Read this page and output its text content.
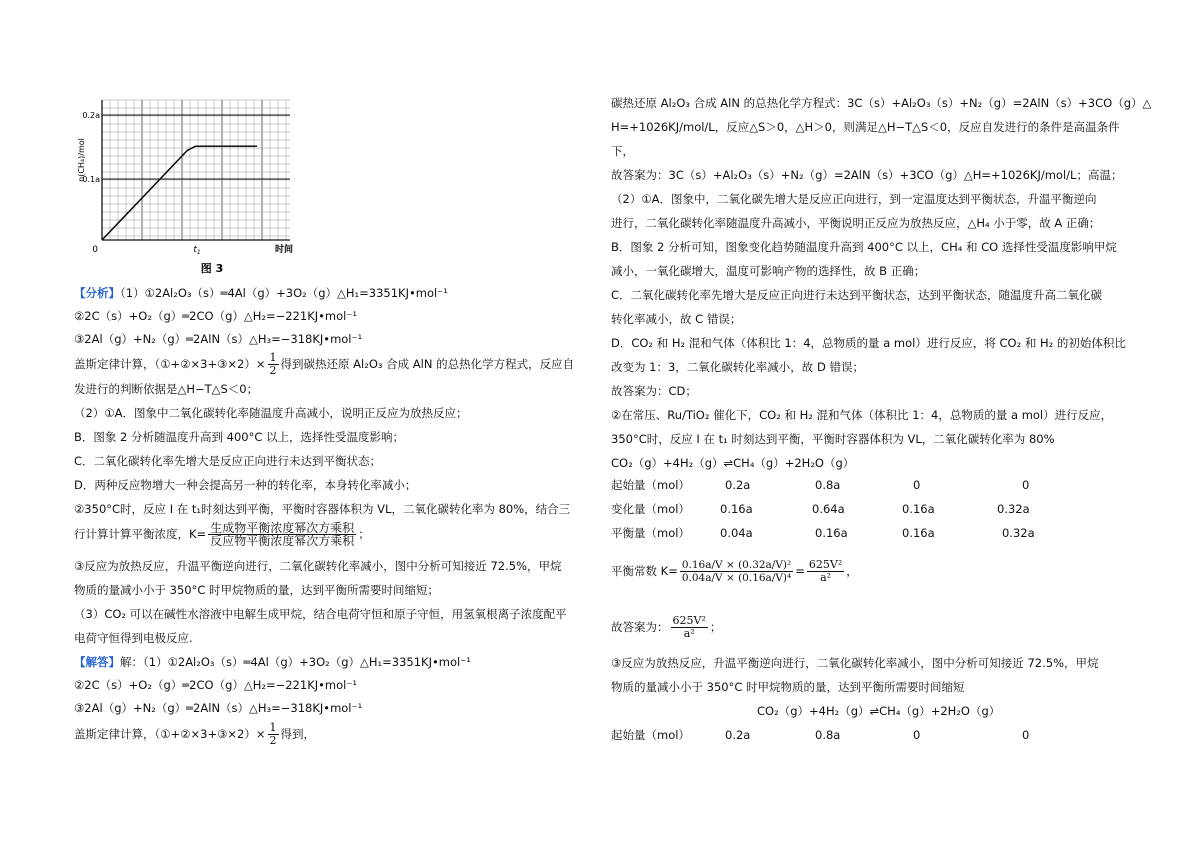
n(CH₄)/mol
0.2a
0.1a
0	$t_1$	时间
图 3
【分析】（1）①2Al₂O₃（s）═4Al（g）+3O₂（g）△H₁=3351KJ•mol⁻¹
②2C（s）+O₂（g）═2CO（g）△H₂=−221KJ•mol⁻¹
③2Al（g）+N₂（g）═2AlN（s）△H₃=−318KJ•mol⁻¹
盖斯定律计算，（①+②×3+③×2）× $\frac{1}{2}$ 得到碳热还原 Al₂O₃ 合成 AlN 的总热化学方程式，反应自
发进行的判断依据是△H−T△S＜0；
（2）①A．图象中二氧化碳转化率随温度升高减小，说明正反应为放热反应；
B．图象 2 分析随温度升高到 400°C 以上，选择性受温度影响；
C．二氧化碳转化率先增大是反应正向进行未达到平衡状态；
D．两种反应物增大一种会提高另一种的转化率，本身转化率减小；
②350°C时，反应 I 在 t₁时刻达到平衡，平衡时容器体积为 VL，二氧化碳转化率为 80%，结合三
行计算计算平衡浓度，$K= \frac{\text{生成物平衡浓度幂次方乘积}}{\text{反应物平衡浓度幂次方乘积}}$ ；
③反应为放热反应，升温平衡逆向进行，二氧化碳转化率减小，图中分析可知接近 72.5%，甲烷
物质的量减小小于 350°C 时甲烷物质的量，达到平衡所需要时间缩短；
（3）CO₂ 可以在碱性水溶液中电解生成甲烷，结合电荷守恒和原子守恒，用氢氧根离子浓度配平
电荷守恒得到电极反应.
【解答】解：（1）①2Al₂O₃（s）═4Al（g）+3O₂（g）△H₁=3351KJ•mol⁻¹
②2C（s）+O₂（g）═2CO（g）△H₂=−221KJ•mol⁻¹
③2Al（g）+N₂（g）═2AlN（s）△H₃=−318KJ•mol⁻¹
盖斯定律计算，（①+②×3+③×2）× $\frac{1}{2}$ 得到，
碳热还原 Al₂O₃ 合成 AlN 的总热化学方程式：3C（s）+Al₂O₃（s）+N₂（g）=2AlN（s）+3CO（g）△
H=+1026KJ/mol/L，反应△S＞0，△H＞0，则满足△H−T△S＜0，反应自发进行的条件是高温条件
下，
故答案为：3C（s）+Al₂O₃（s）+N₂（g）=2AlN（s）+3CO（g）△H=+1026KJ/mol/L；高温；
（2）①A．图象中，二氧化碳先增大是反应正向进行，到一定温度达到平衡状态，升温平衡逆向
进行，二氧化碳转化率随温度升高减小，平衡说明正反应为放热反应，△H₄ 小于零，故 A 正确；
B．图象 2 分析可知，图象变化趋势随温度升高到 400°C 以上，CH₄ 和 CO 选择性受温度影响甲烷
减小，一氧化碳增大，温度可影响产物的选择性，故 B 正确；
C．二氧化碳转化率先增大是反应正向进行未达到平衡状态，达到平衡状态，随温度升高二氧化碳
转化率减小，故 C 错误；
D．CO₂ 和 H₂ 混和气体（体积比 1：4，总物质的量 a mol）进行反应，将 CO₂ 和 H₂ 的初始体积比
改变为 1：3，二氧化碳转化率减小，故 D 错误；
故答案为：CD；
②在常压、Ru/TiO₂ 催化下，CO₂ 和 H₂ 混和气体（体积比 1：4，总物质的量 a mol）进行反应，
350°C时，反应 I 在 t₁ 时刻达到平衡，平衡时容器体积为 VL，二氧化碳转化率为 80%
CO₂（g）+4H₂（g）⇌CH₄（g）+2H₂O（g）
起始量（mol）	0.2a	0.8a	0	0
变化量（mol）	0.16a	0.64a	0.16a	0.32a
平衡量（mol）	0.04a	0.16a	0.16a	0.32a
平衡常数 $K= \frac{\text{0.16a/V × (0.32a/V)²}}{\text{0.04a/V × (0.16a/V)⁴}} = \frac{\text{625V²}}{\text{a²}}$ ，
故答案为： $\frac{\text{625V²}}{\text{a²}}$ ；
③反应为放热反应，升温平衡逆向进行，二氧化碳转化率减小，图中分析可知接近 72.5%，甲烷
物质的量减小小于 350°C 时甲烷物质的量，达到平衡所需要时间缩短
CO₂（g）+4H₂（g）⇌CH₄（g）+2H₂O（g）
起始量（mol）	0.2a	0.8a	0	0
